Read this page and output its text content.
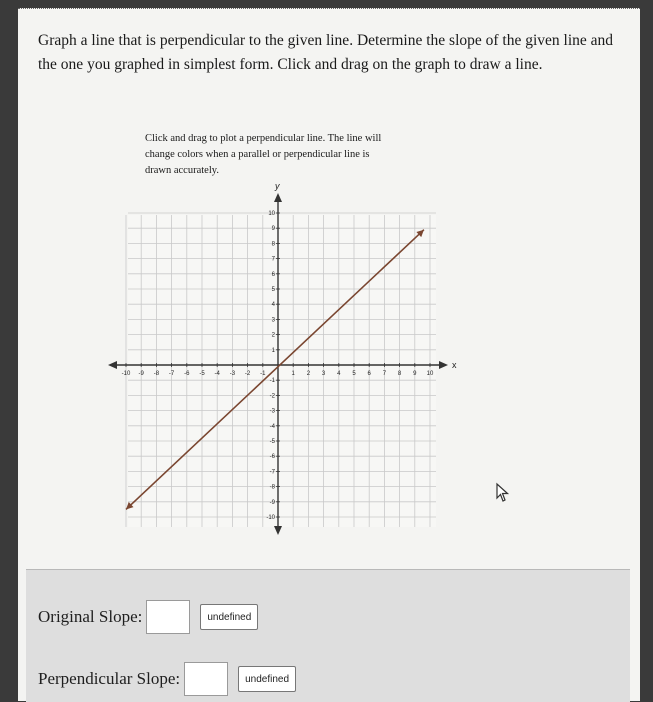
Graph a line that is perpendicular to the given line. Determine the slope of the given line and the one you graphed in simplest form. Click and drag on the graph to draw a line.
Click and drag to plot a perpendicular line. The line will change colors when a parallel or perpendicular line is drawn accurately.
x
y
-10 -9 -8 -7 -6 -5 -4 -3 -2 -1	1 2 3 4 5 6 7 8 9 10
10
9
8
7
6
5
4
3
2
1
-1
-2
-3
-4
-5
-6
-7
-8
-9
-10
Original Slope:	undefined
Perpendicular Slope:	undefined
